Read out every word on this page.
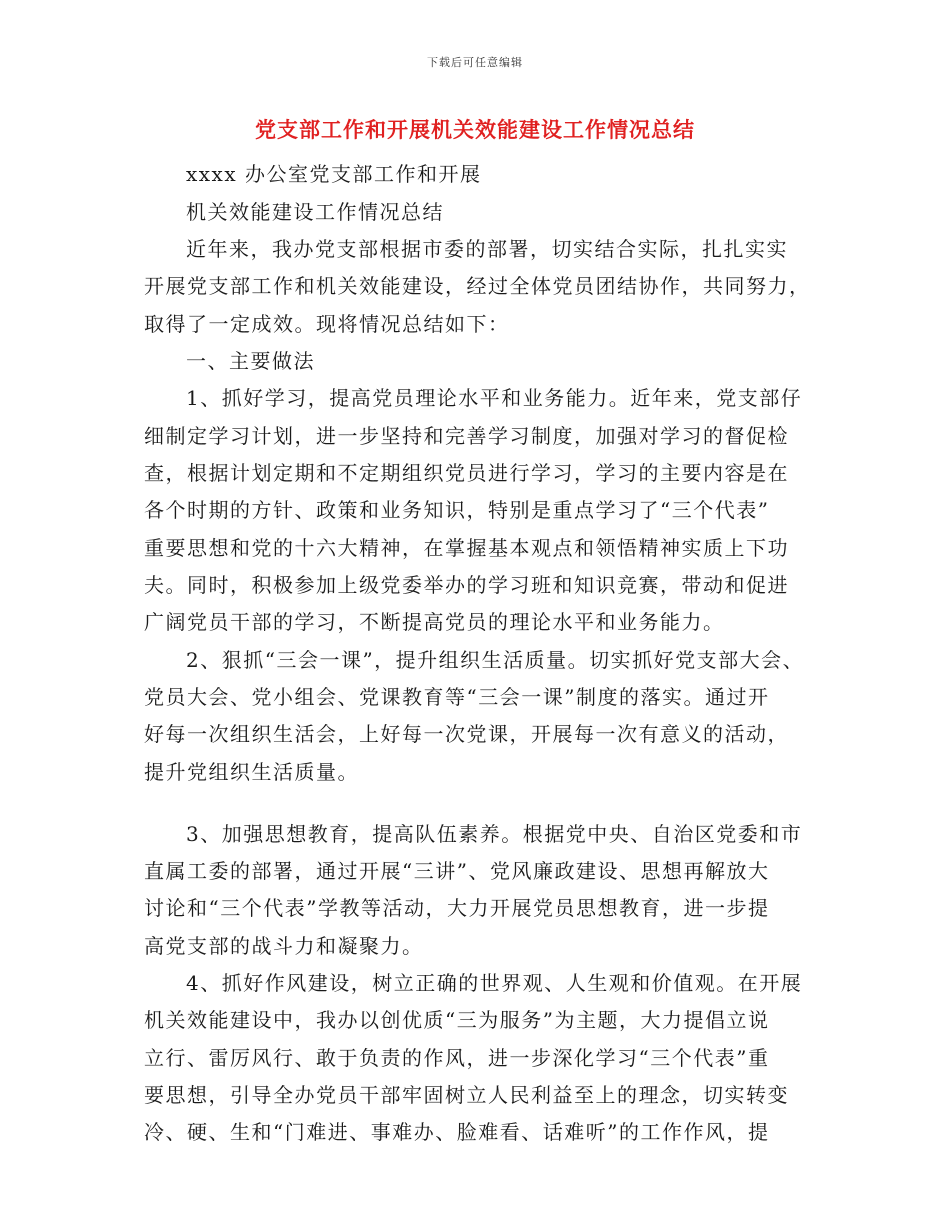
下载后可任意编辑
党支部工作和开展机关效能建设工作情况总结
xxxx 办公室党支部工作和开展
机关效能建设工作情况总结
近年来，我办党支部根据市委的部署，切实结合实际，扎扎实实
开展党支部工作和机关效能建设，经过全体党员团结协作，共同努力，
取得了一定成效。现将情况总结如下：
一、主要做法
1、抓好学习，提高党员理论水平和业务能力。近年来，党支部仔
细制定学习计划，进一步坚持和完善学习制度，加强对学习的督促检
查，根据计划定期和不定期组织党员进行学习，学习的主要内容是在
各个时期的方针、政策和业务知识，特别是重点学习了“三个代表”
重要思想和党的十六大精神，在掌握基本观点和领悟精神实质上下功
夫。同时，积极参加上级党委举办的学习班和知识竞赛，带动和促进
广阔党员干部的学习，不断提高党员的理论水平和业务能力。
2、狠抓“三会一课”，提升组织生活质量。切实抓好党支部大会、
党员大会、党小组会、党课教育等“三会一课”制度的落实。通过开
好每一次组织生活会，上好每一次党课，开展每一次有意义的活动，
提升党组织生活质量。
3、加强思想教育，提高队伍素养。根据党中央、自治区党委和市
直属工委的部署，通过开展“三讲”、党风廉政建设、思想再解放大
讨论和“三个代表”学教等活动，大力开展党员思想教育，进一步提
高党支部的战斗力和凝聚力。
4、抓好作风建设，树立正确的世界观、人生观和价值观。在开展
机关效能建设中，我办以创优质“三为服务”为主题，大力提倡立说
立行、雷厉风行、敢于负责的作风，进一步深化学习“三个代表”重
要思想，引导全办党员干部牢固树立人民利益至上的理念，切实转变
冷、硬、生和“门难进、事难办、脸难看、话难听”的工作作风，提
